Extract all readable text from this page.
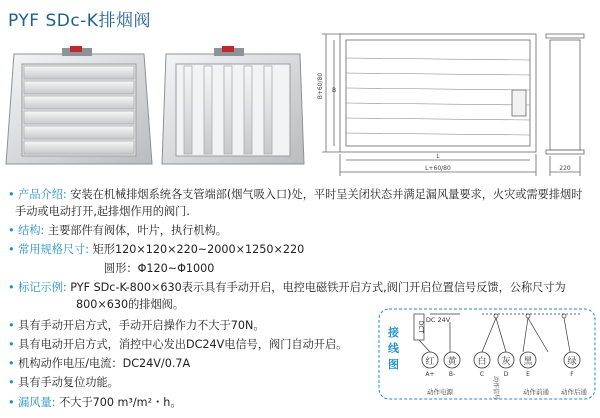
PYF SDc-K排烟阀
B+60/80 B
L
L+60/80	220
• 产品介绍: 安装在机械排烟系统各支管端部(烟气吸入口)处，平时呈关闭状态并满足漏风量要求，火灾或需要排烟时
手动或电动打开,起排烟作用的阀门.
• 结构: 主要部件有阀体，叶片，执行机构。
• 常用规格尺寸: 矩形120×120×220~2000×1250×220
圆形：Φ120~Φ1000
• 标记示例: PYF SDc-K-800×630表示具有手动开启，电控电磁铁开启方式,阀门开启位置信号反馈，公称尺寸为
800×630的排烟阀。
• 具有手动开启方式，手动开启操作力不大于70N。
• 具有电动开启方式，消控中心发出DC24V电信号，阀门自动开启。
• 机构动作电压/电流：DC24V/0.7A
• 具有手动复位功能。
• 漏风量: 不大于700 m³/m²・h。
接
线
图
DCT
DC 24V
红
A+
黄
B-
白
C
灰
D
黑
E
绿
F
动作电源	动作信号	动作前通 动作后通
